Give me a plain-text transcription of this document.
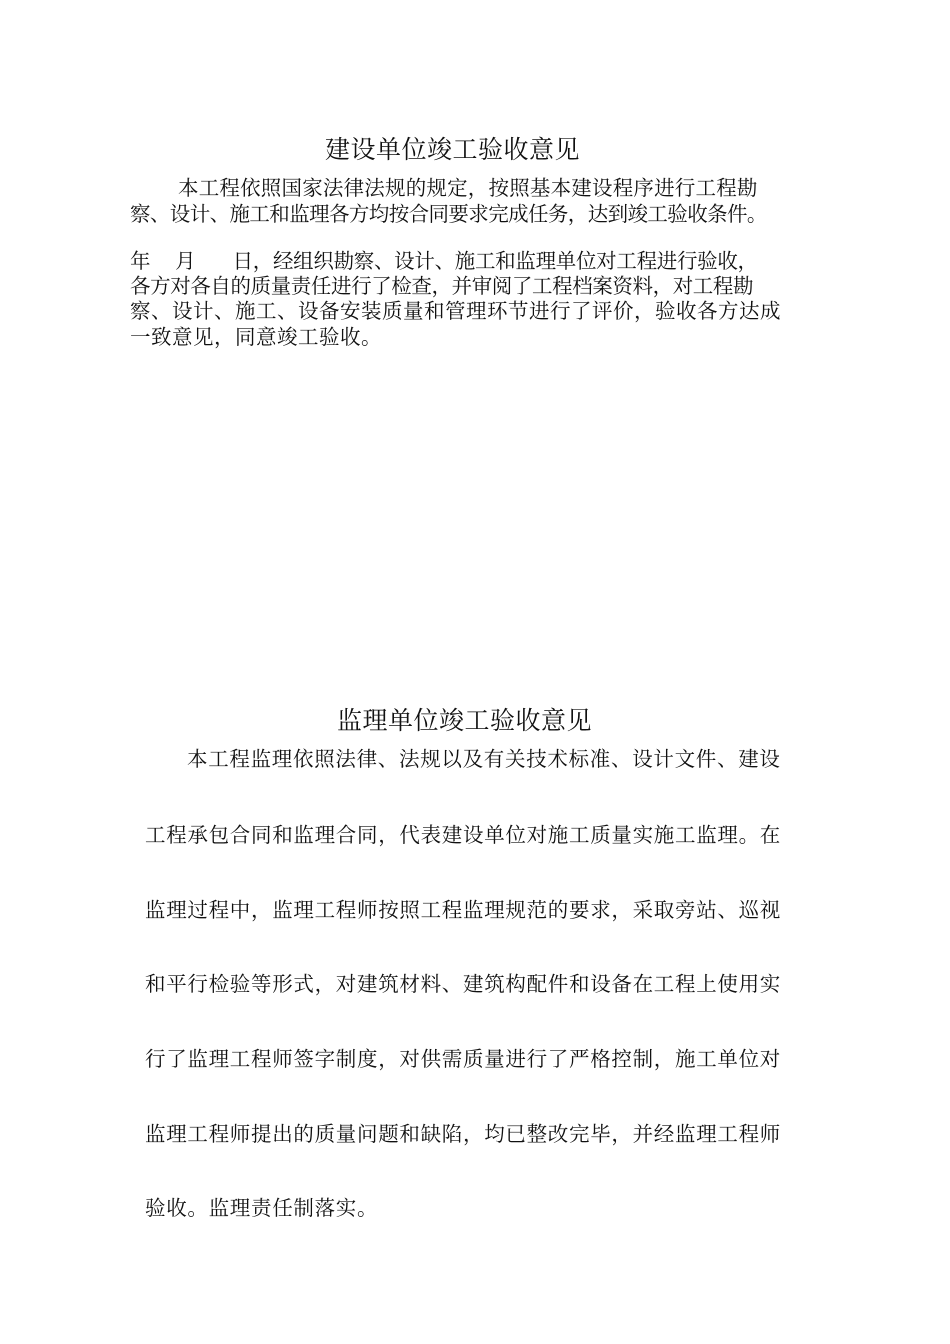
建设单位竣工验收意见
本工程依照国家法律法规的规定，按照基本建设程序进行工程勘
察、设计、施工和监理各方均按合同要求完成任务，达到竣工验收条件。
年    月      日，经组织勘察、设计、施工和监理单位对工程进行验收，
各方对各自的质量责任进行了检查，并审阅了工程档案资料，对工程勘
察、设计、施工、设备安装质量和管理环节进行了评价，验收各方达成
一致意见，同意竣工验收。
监理单位竣工验收意见
本工程监理依照法律、法规以及有关技术标准、设计文件、建设
工程承包合同和监理合同，代表建设单位对施工质量实施工监理。在
监理过程中，监理工程师按照工程监理规范的要求，采取旁站、巡视
和平行检验等形式，对建筑材料、建筑构配件和设备在工程上使用实
行了监理工程师签字制度，对供需质量进行了严格控制，施工单位对
监理工程师提出的质量问题和缺陷，均已整改完毕，并经监理工程师
验收。监理责任制落实。
